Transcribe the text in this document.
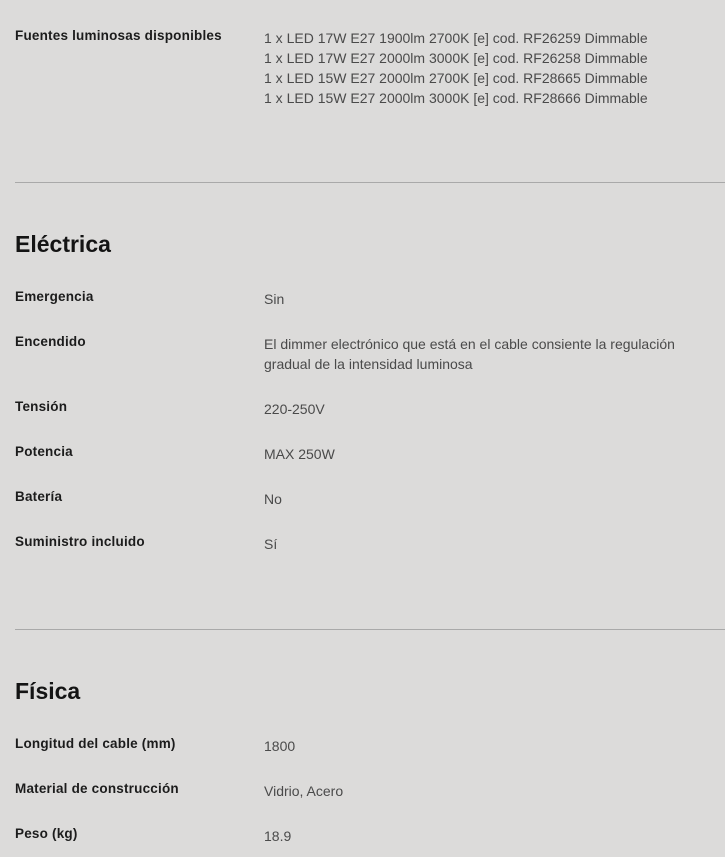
Fuentes luminosas disponibles	1 x LED 17W E27 1900lm 2700K [e] cod. RF26259 Dimmable
1 x LED 17W E27 2000lm 3000K [e] cod. RF26258 Dimmable
1 x LED 15W E27 2000lm 2700K [e] cod. RF28665 Dimmable
1 x LED 15W E27 2000lm 3000K [e] cod. RF28666 Dimmable
Eléctrica
Emergencia	Sin
Encendido	El dimmer electrónico que está en el cable consiente la regulación gradual de la intensidad luminosa
Tensión	220-250V
Potencia	MAX 250W
Batería	No
Suministro incluido	Sí
Física
Longitud del cable (mm)	1800
Material de construcción	Vidrio, Acero
Peso (kg)	18.9
